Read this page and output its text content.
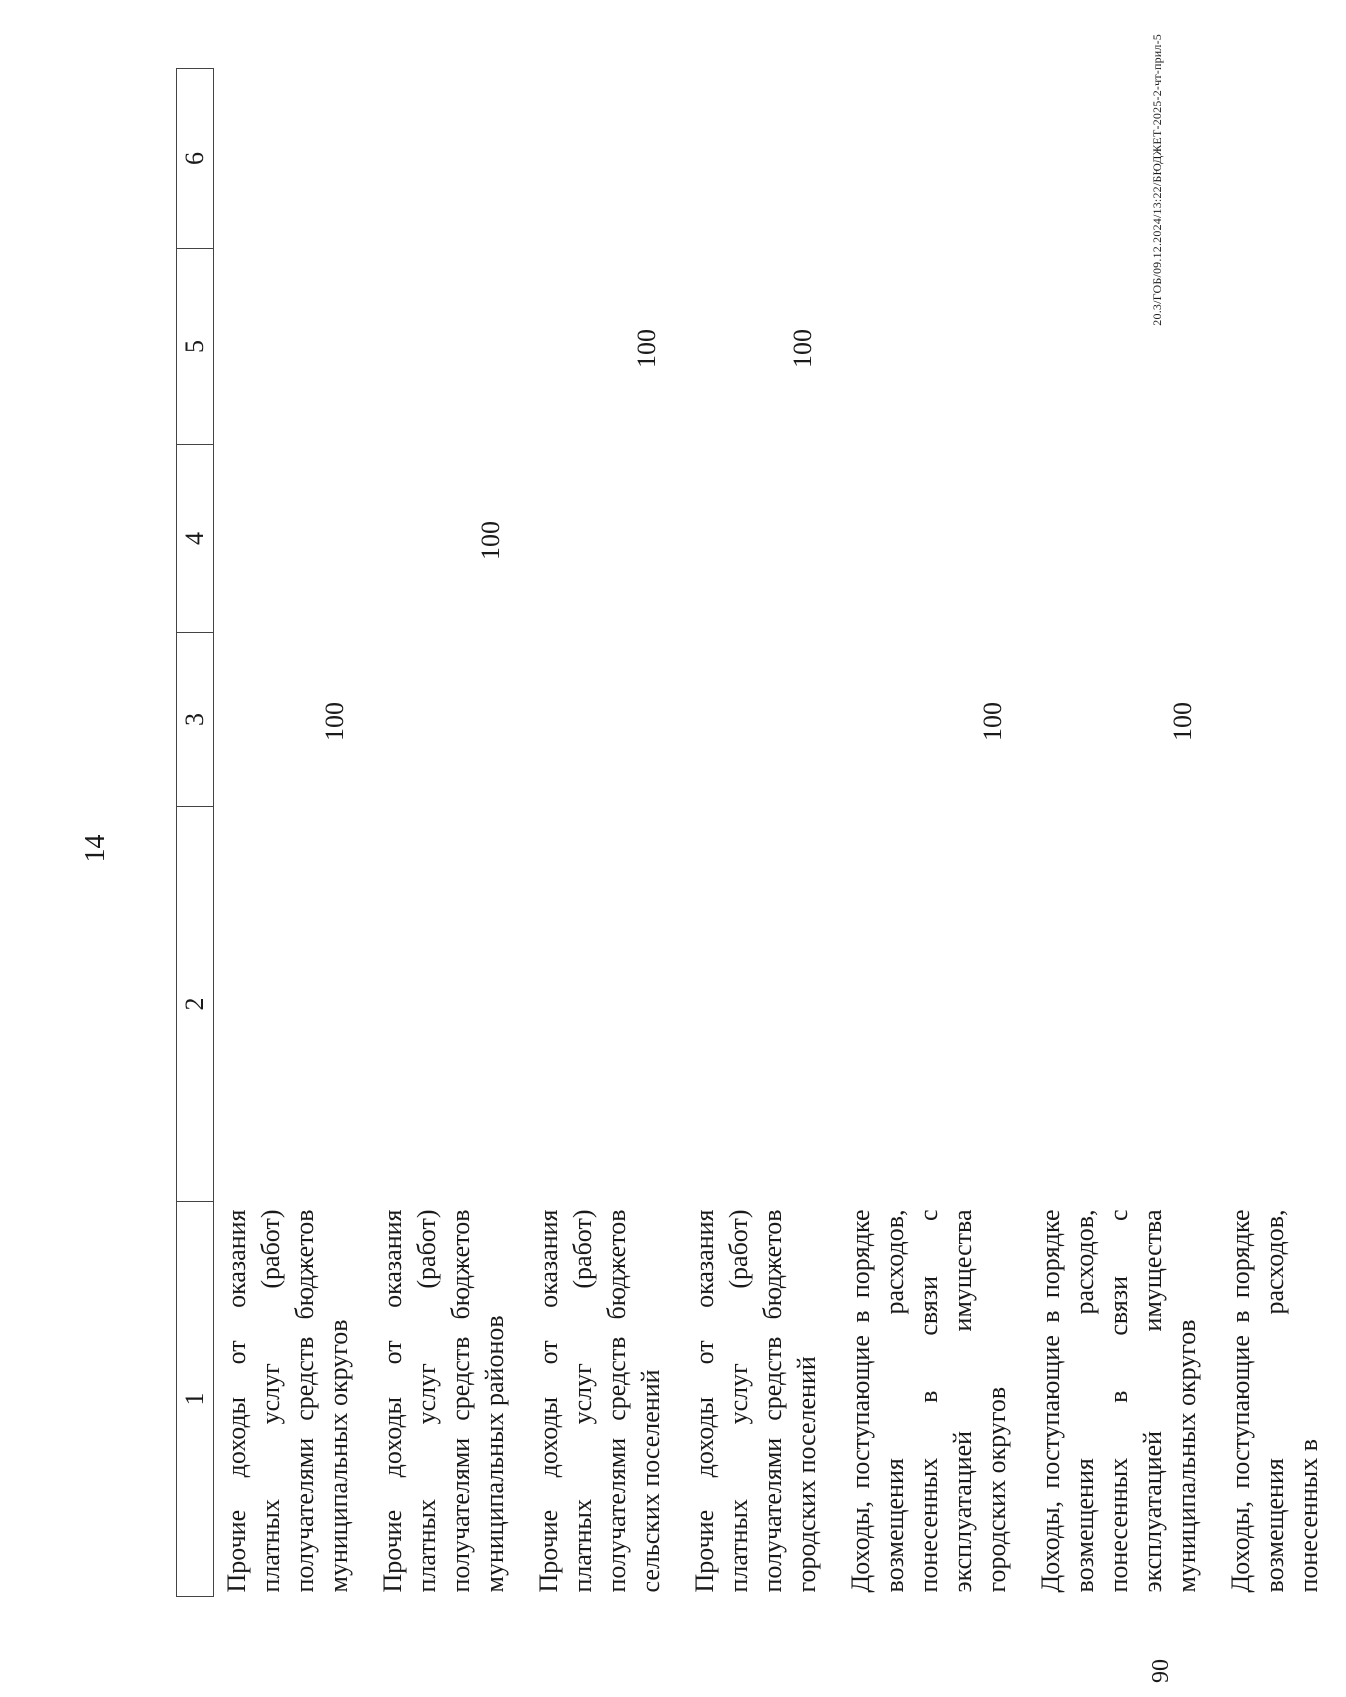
14
1	2	3	4	5	6
Прочие доходы от оказания платных услуг (работ) получателями средств бюджетов муниципальных округов		100			
Прочие доходы от оказания платных услуг (работ) получателями средств бюджетов муниципальных районов			100		
Прочие доходы от оказания платных услуг (работ) получателями средств бюджетов сельских поселений				100	
Прочие доходы от оказания платных услуг (работ) получателями средств бюджетов городских поселений				100	
Доходы, поступающие в порядке возмещения расходов, понесенных в связи с эксплуатацией имущества городских округов		100			
Доходы, поступающие в порядке возмещения расходов, понесенных в связи с эксплуатацией имущества муниципальных округов		100			
Доходы, поступающие в порядке возмещения расходов, понесенных в					
20.3/ГОБ/09.12.2024/13:22/БЮДЖЕТ-2025-2-чт-прил-5
90
